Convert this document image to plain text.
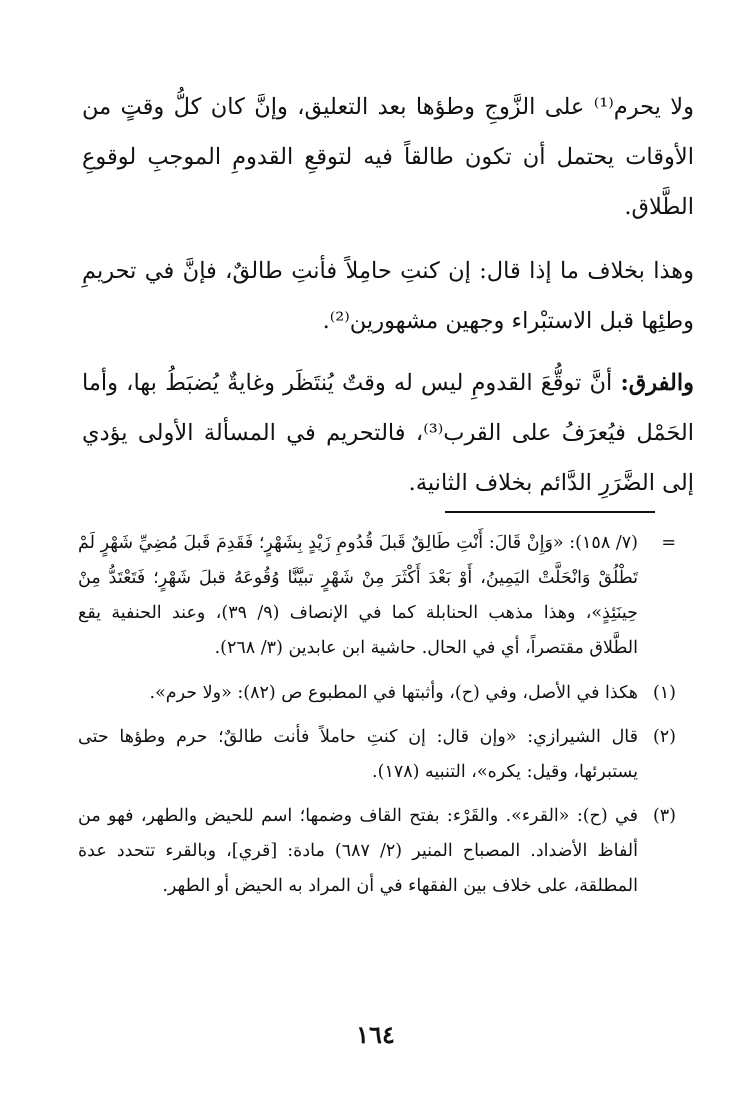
ولا يحرم⁽¹⁾ على الزَّوجِ وطؤها بعد التعليق، وإنَّ كان كلُّ وقتٍ من الأوقات يحتمل أن تكون طالقاً فيه لتوقعِ القدومِ الموجبِ لوقوعِ الطَّلاق.

وهذا بخلاف ما إذا قال: إن كنتِ حامِلاً فأنتِ طالقٌ، فإنَّ في تحريمِ وطئِها قبل الاستبْراء وجهين مشهورين⁽²⁾.

والفرق: أنَّ توقُّعَ القدومِ ليس له وقتٌ يُنتَظَر وغايةٌ يُضبَطُ بها، وأما الحَمْل فيُعرَفُ على القرب⁽³⁾، فالتحريم في المسألة الأولى يؤدي إلى الضَّرَرِ الدَّائم بخلاف الثانية.

=
(٧/ ١٥٨): «وَإِنْ قَالَ: أَنْتِ طَالِقٌ قَبلَ قُدُومِ زَيْدٍ بِشَهْرٍ؛ فَقَدِمَ قَبلَ مُضِيِّ شَهْرٍ لَمْ تَطْلُقْ وَانْحَلَّتْ اليَمِينُ، أَوْ بَعْدَ أَكْثَرَ مِنْ شَهْرٍ تبيَّنَّا وُقُوعَهُ قبلَ شَهْرٍ؛ فَتَعْتَدُّ مِنْ حِينَئِذٍ»، وهذا مذهب الحنابلة كما في الإنصاف (٩/ ٣٩)، وعند الحنفية يقع الطَّلاق مقتصراً، أي في الحال. حاشية ابن عابدين (٣/ ٢٦٨).
(١)
هكذا في الأصل، وفي (ح)، وأثبتها في المطبوع ص (٨٢): «ولا حرم».
(٢)
قال الشيرازي: «وإن قال: إن كنتِ حاملاً فأنت طالقٌ؛ حرم وطؤها حتى يستبرئها، وقيل: يكره»، التنبيه (١٧٨).
(٣)
في (ح): «القرء». والقَرْء: بفتح القاف وضمها؛ اسم للحيض والطهر، فهو من ألفاظ الأضداد. المصباح المنير (٢/ ٦٨٧) مادة: [قري]، وبالقرء تتحدد عدة المطلقة، على خلاف بين الفقهاء في أن المراد به الحيض أو الطهر.
١٦٤
